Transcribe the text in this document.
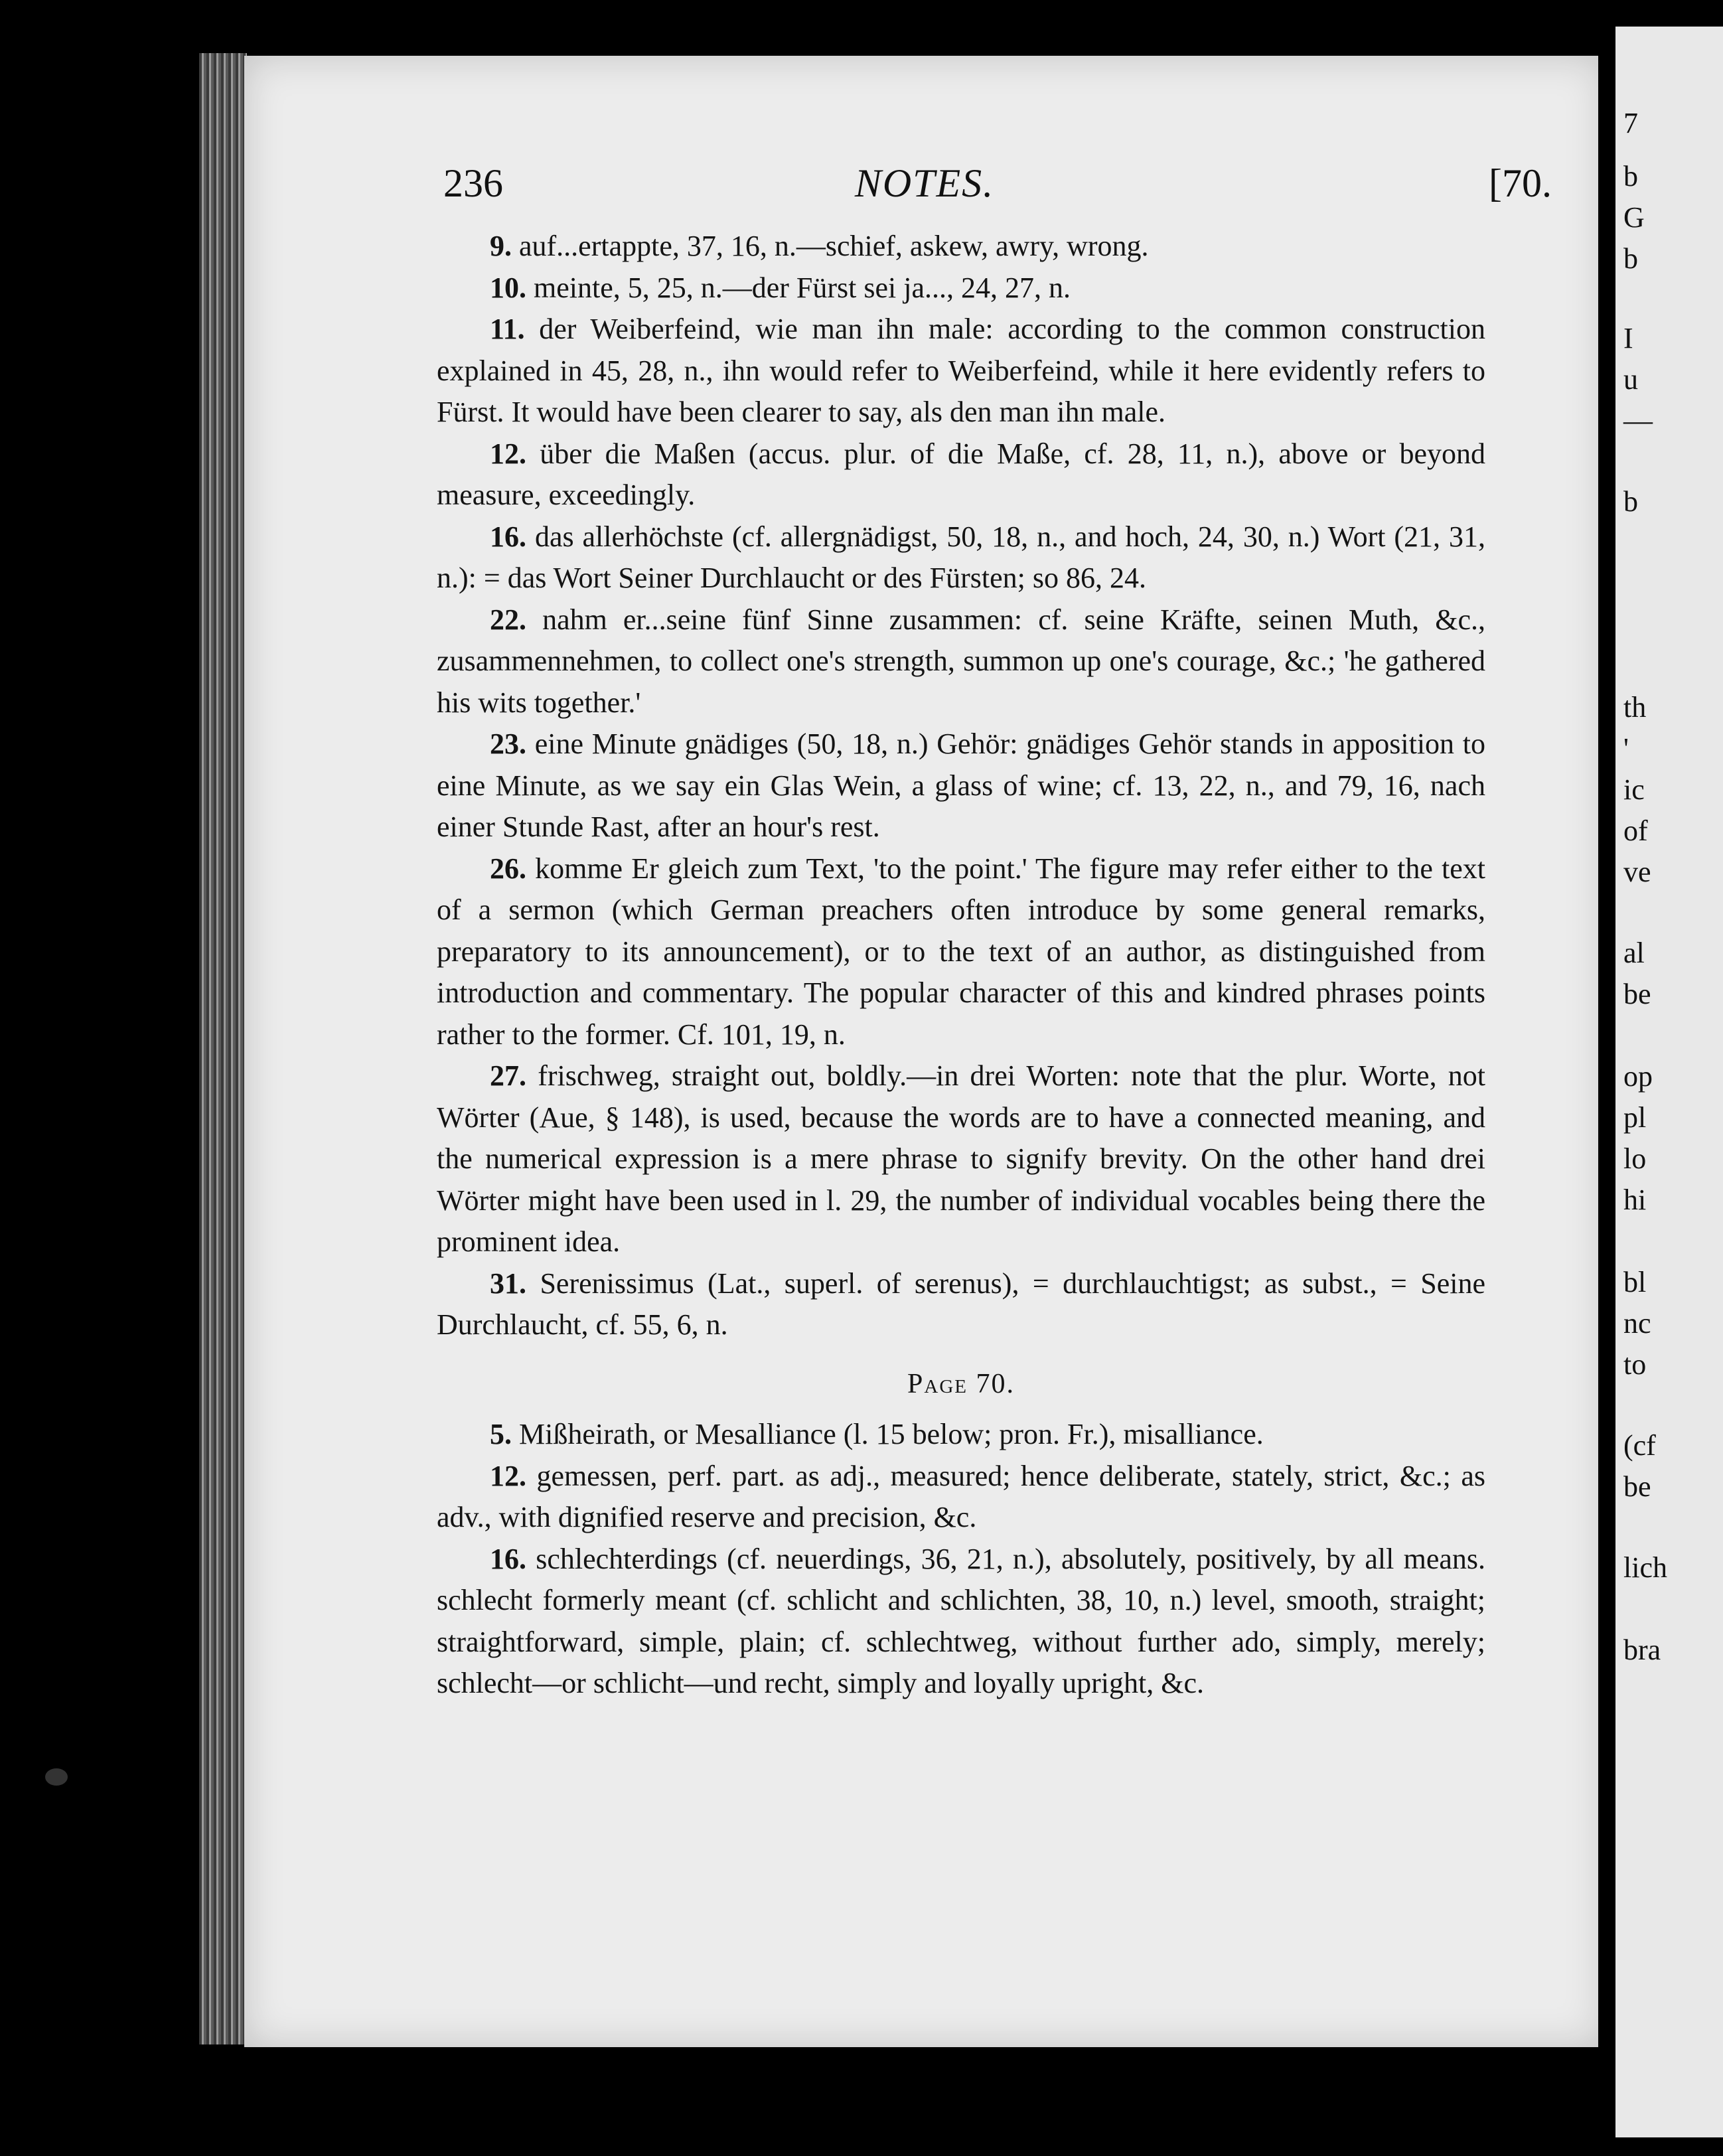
236	NOTES.	[70.

9. auf...ertappte, 37, 16, n.—schief, askew, awry, wrong.

10. meinte, 5, 25, n.—der Fürst sei ja..., 24, 27, n.

11. der Weiberfeind, wie man ihn male: according to the common construction explained in 45, 28, n., ihn would refer to Weiberfeind, while it here evidently refers to Fürst. It would have been clearer to say, als den man ihn male.

12. über die Maßen (accus. plur. of die Maße, cf. 28, 11, n.), above or beyond measure, exceedingly.

16. das allerhöchste (cf. allergnädigst, 50, 18, n., and hoch, 24, 30, n.) Wort (21, 31, n.): = das Wort Seiner Durchlaucht or des Fürsten; so 86, 24.

22. nahm er...seine fünf Sinne zusammen: cf. seine Kräfte, seinen Muth, &c., zusammennehmen, to collect one's strength, summon up one's courage, &c.; 'he gathered his wits together.'

23. eine Minute gnädiges (50, 18, n.) Gehör: gnädiges Gehör stands in apposition to eine Minute, as we say ein Glas Wein, a glass of wine; cf. 13, 22, n., and 79, 16, nach einer Stunde Rast, after an hour's rest.

26. komme Er gleich zum Text, 'to the point.' The figure may refer either to the text of a sermon (which German preachers often introduce by some general remarks, preparatory to its announcement), or to the text of an author, as distinguished from introduction and commentary. The popular character of this and kindred phrases points rather to the former. Cf. 101, 19, n.

27. frischweg, straight out, boldly.—in drei Worten: note that the plur. Worte, not Wörter (Aue, § 148), is used, because the words are to have a connected meaning, and the numerical expression is a mere phrase to signify brevity. On the other hand drei Wörter might have been used in l. 29, the number of individual vocables being there the prominent idea.

31. Serenissimus (Lat., superl. of serenus), = durchlauchtigst; as subst., = Seine Durchlaucht, cf. 55, 6, n.

Page 70.

5. Mißheirath, or Mesalliance (l. 15 below; pron. Fr.), misalliance.

12. gemessen, perf. part. as adj., measured; hence deliberate, stately, strict, &c.; as adv., with dignified reserve and precision, &c.

16. schlechterdings (cf. neuerdings, 36, 21, n.), absolutely, positively, by all means. schlecht formerly meant (cf. schlicht and schlichten, 38, 10, n.) level, smooth, straight; straightforward, simple, plain; cf. schlechtweg, without further ado, simply, merely; schlecht—or schlicht—und recht, simply and loyally upright, &c.

7
b
G
b
I
u
—
b
th
'
ic
of
ve
al
be
op
pl
lo
hi
bl
nc
to
(cf
be
lich
bra
